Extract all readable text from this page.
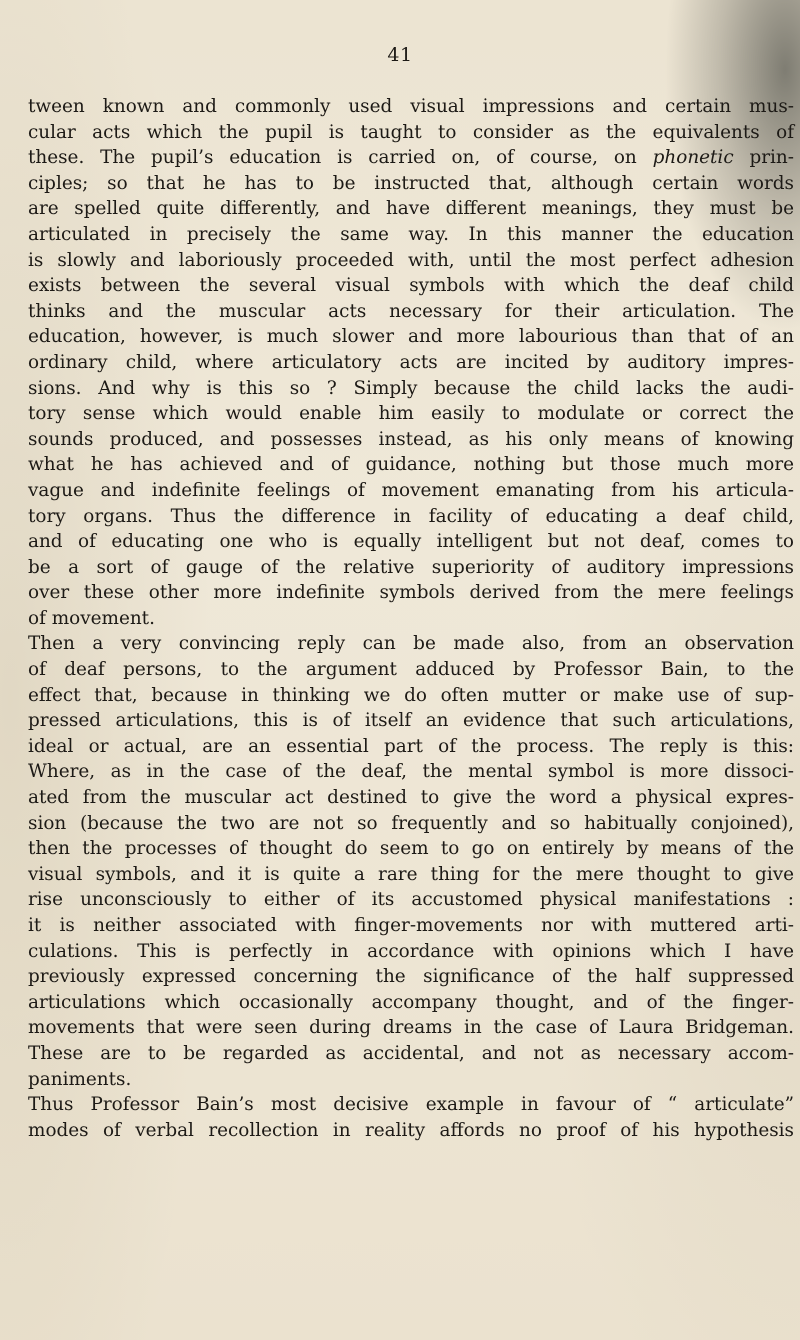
41
tween known and commonly used visual impressions and certain mus-
cular acts which the pupil is taught to consider as the equivalents of
these. The pupil’s education is carried on, of course, on phonetic prin-
ciples; so that he has to be instructed that, although certain words
are spelled quite differently, and have different meanings, they must be
articulated in precisely the same way. In this manner the education
is slowly and laboriously proceeded with, until the most perfect adhesion
exists between the several visual symbols with which the deaf child
thinks and the muscular acts necessary for their articulation. The
education, however, is much slower and more labourious than that of an
ordinary child, where articulatory acts are incited by auditory impres-
sions. And why is this so ? Simply because the child lacks the audi-
tory sense which would enable him easily to modulate or correct the
sounds produced, and possesses instead, as his only means of knowing
what he has achieved and of guidance, nothing but those much more
vague and indefinite feelings of movement emanating from his articula-
tory organs. Thus the difference in facility of educating a deaf child,
and of educating one who is equally intelligent but not deaf, comes to
be a sort of gauge of the relative superiority of auditory impressions
over these other more indefinite symbols derived from the mere feelings
of movement.
Then a very convincing reply can be made also, from an observation
of deaf persons, to the argument adduced by Professor Bain, to the
effect that, because in thinking we do often mutter or make use of sup-
pressed articulations, this is of itself an evidence that such articulations,
ideal or actual, are an essential part of the process. The reply is this:
Where, as in the case of the deaf, the mental symbol is more dissoci-
ated from the muscular act destined to give the word a physical expres-
sion (because the two are not so frequently and so habitually conjoined),
then the processes of thought do seem to go on entirely by means of the
visual symbols, and it is quite a rare thing for the mere thought to give
rise unconsciously to either of its accustomed physical manifestations :
it is neither associated with finger-movements nor with muttered arti-
culations. This is perfectly in accordance with opinions which I have
previously expressed concerning the significance of the half suppressed
articulations which occasionally accompany thought, and of the finger-
movements that were seen during dreams in the case of Laura Bridgeman.
These are to be regarded as accidental, and not as necessary accom-
paniments.
Thus Professor Bain’s most decisive example in favour of “ articulate”
modes of verbal recollection in reality affords no proof of his hypothesis
